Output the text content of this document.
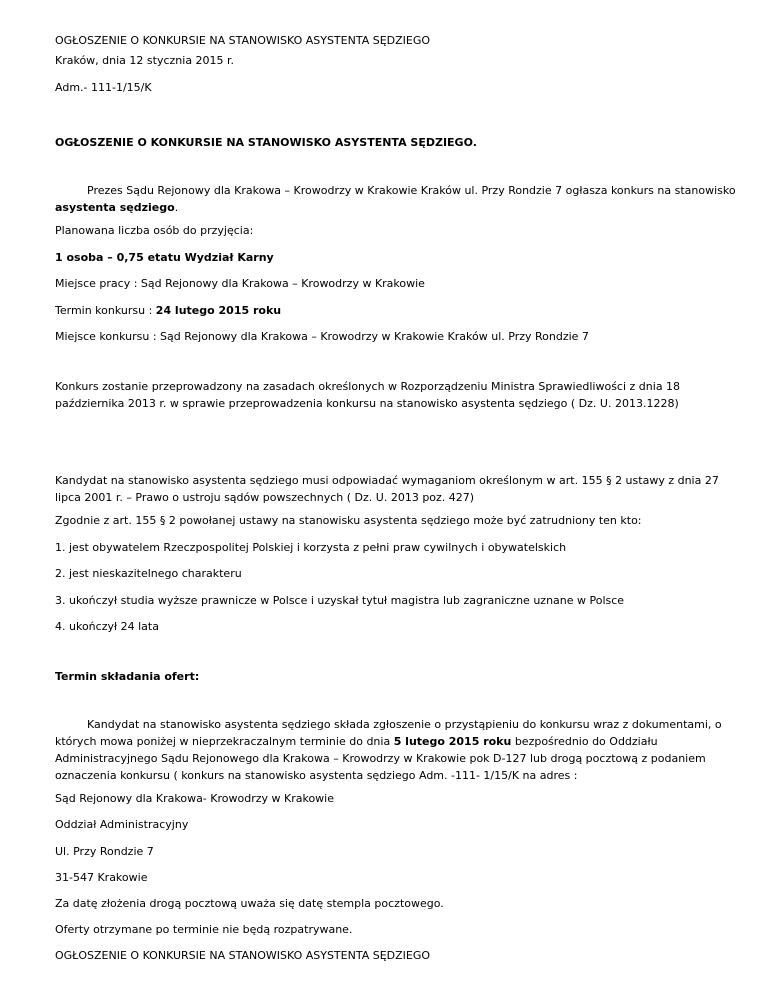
OGŁOSZENIE O KONKURSIE NA STANOWISKO ASYSTENTA SĘDZIEGO
Kraków, dnia 12 stycznia 2015 r.
Adm.- 111-1/15/K
OGŁOSZENIE O KONKURSIE NA STANOWISKO ASYSTENTA SĘDZIEGO.
Prezes Sądu Rejonowy dla Krakowa – Krowodrzy w Krakowie Kraków ul. Przy Rondzie 7 ogłasza konkurs na stanowisko asystenta sędziego.
Planowana liczba osób do przyjęcia:
1 osoba – 0,75 etatu Wydział Karny
Miejsce pracy : Sąd Rejonowy dla Krakowa – Krowodrzy w Krakowie
Termin konkursu : 24 lutego 2015 roku
Miejsce konkursu : Sąd Rejonowy dla Krakowa – Krowodrzy w Krakowie Kraków ul. Przy Rondzie 7
Konkurs zostanie przeprowadzony na zasadach określonych w Rozporządzeniu Ministra Sprawiedliwości z dnia 18 października 2013 r. w sprawie przeprowadzenia konkursu na stanowisko asystenta sędziego ( Dz. U. 2013.1228)
Kandydat na stanowisko asystenta sędziego musi odpowiadać wymaganiom określonym w art. 155 § 2 ustawy z dnia 27 lipca 2001 r. – Prawo o ustroju sądów powszechnych ( Dz. U. 2013 poz. 427)
Zgodnie z art. 155 § 2 powołanej ustawy na stanowisku asystenta sędziego może być zatrudniony ten kto:
1. jest obywatelem Rzeczpospolitej Polskiej i korzysta z pełni praw cywilnych i obywatelskich
2. jest nieskazitelnego charakteru
3. ukończył studia wyższe prawnicze w Polsce i uzyskał tytuł magistra lub zagraniczne uznane w Polsce
4. ukończył 24 lata
Termin składania ofert:
Kandydat na stanowisko asystenta sędziego składa zgłoszenie o przystąpieniu do konkursu wraz z dokumentami, o których mowa poniżej w nieprzekraczalnym terminie do dnia 5 lutego 2015 roku bezpośrednio do Oddziału Administracyjnego Sądu Rejonowego dla Krakowa – Krowodrzy w Krakowie pok D-127 lub drogą pocztową z podaniem oznaczenia konkursu ( konkurs na stanowisko asystenta sędziego Adm. -111- 1/15/K na adres :
Sąd Rejonowy dla Krakowa- Krowodrzy w Krakowie
Oddział Administracyjny
Ul. Przy Rondzie 7
31-547 Krakowie
Za datę złożenia drogą pocztową uważa się datę stempla pocztowego.
Oferty otrzymane po terminie nie będą rozpatrywane.
OGŁOSZENIE O KONKURSIE NA STANOWISKO ASYSTENTA SĘDZIEGO
